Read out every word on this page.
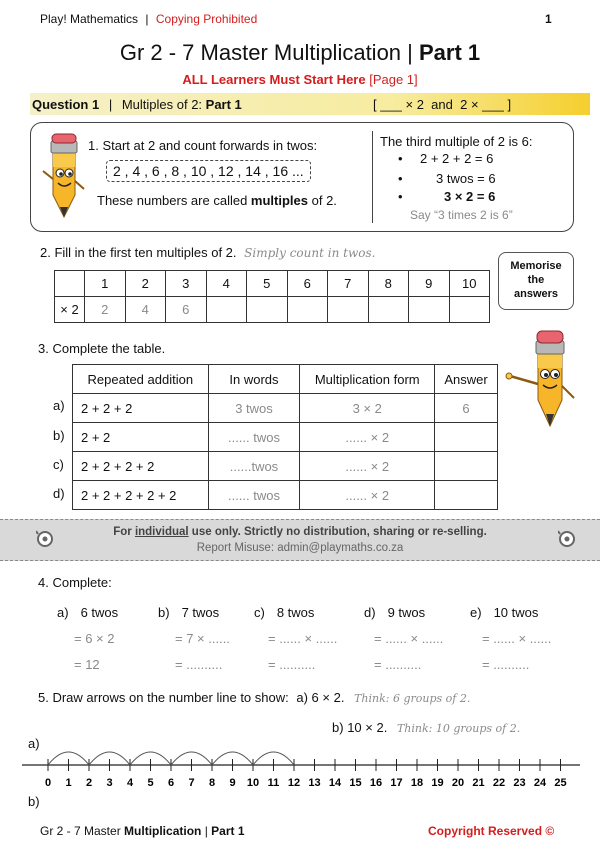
Play! Mathematics | Copying Prohibited	1
Gr 2 - 7 Master Multiplication | Part 1
ALL Learners Must Start Here [Page 1]
Question 1 | Multiples of 2: Part 1	[ ___ × 2  and  2 × ___ ]
1. Start at 2 and count forwards in twos:
2 , 4 , 6 , 8 , 10 , 12 , 14 , 16 ...
These numbers are called multiples of 2.
The third multiple of 2 is 6:
• 2 + 2 + 2 = 6
•	3 twos = 6
•	3 × 2 = 6
Say “3 times 2 is 6”
2. Fill in the first ten multiples of 2. Simply count in twos.
	1	2	3	4	5	6	7	8	9	10
× 2	2	4	6							
Memorise the answers
3. Complete the table.
Repeated addition	In words	Multiplication form	Answer
2 + 2 + 2	3 twos	3 × 2	6
2 + 2	...... twos	...... × 2	
2 + 2 + 2 + 2	......twos	...... × 2	
2 + 2 + 2 + 2 + 2	...... twos	...... × 2	
a)
b)
c)
d)
For individual use only. Strictly no distribution, sharing or re-selling.
Report Misuse: admin@playmaths.co.za
4. Complete:
a) 6 twos
= 6 × 2
= 12
b) 7 twos
= 7 × ......
= ..........
c) 8 twos
= ...... × ......
= ..........
d) 9 twos
= ...... × ......
= ..........
e) 10 twos
= ...... × ......
= ..........
5. Draw arrows on the number line to show: a) 6 × 2. Think: 6 groups of 2.
b) 10 × 2. Think: 10 groups of 2.
a)
b)
0 1 2 3 4 5 6 7 8 9 10 11 12 13 14 15 16 17 18 19 20 21 22 23 24 25
Gr 2 - 7 Master Multiplication | Part 1	Copyright Reserved ©
